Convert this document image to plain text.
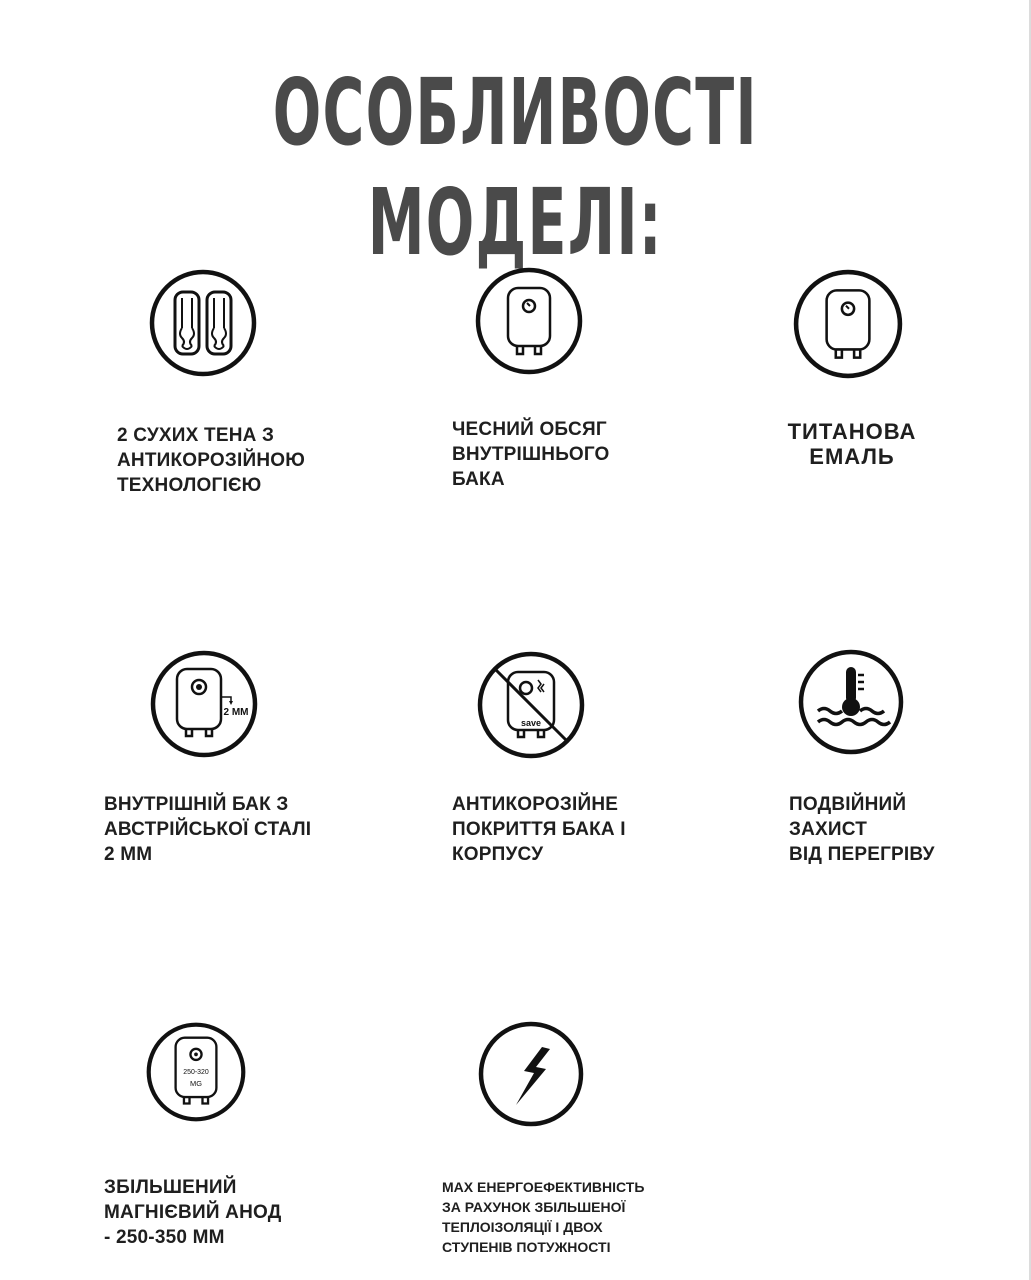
ОСОБЛИВОСТІ МОДЕЛІ:
2 СУХИХ ТЕНА З
АНТИКОРОЗІЙНОЮ
ТЕХНОЛОГІЄЮ
ЧЕСНИЙ ОБСЯГ
ВНУТРІШНЬОГО
БАКА
ТИТАНОВА
ЕМАЛЬ
2 ММ
ВНУТРІШНІЙ БАК З
АВСТРІЙСЬКОЇ СТАЛІ
2 ММ
save
АНТИКОРОЗІЙНЕ
ПОКРИТТЯ БАКА І
КОРПУСУ
ПОДВІЙНИЙ
ЗАХИСТ
ВІД ПЕРЕГРІВУ
250-320
MG
ЗБІЛЬШЕНИЙ
МАГНІЄВИЙ АНОД
- 250-350 ММ
MAX ЕНЕРГОЕФЕКТИВНІСТЬ
ЗА РАХУНОК ЗБІЛЬШЕНОЇ
ТЕПЛОІЗОЛЯЦІЇ І ДВОХ
СТУПЕНІВ ПОТУЖНОСТІ
